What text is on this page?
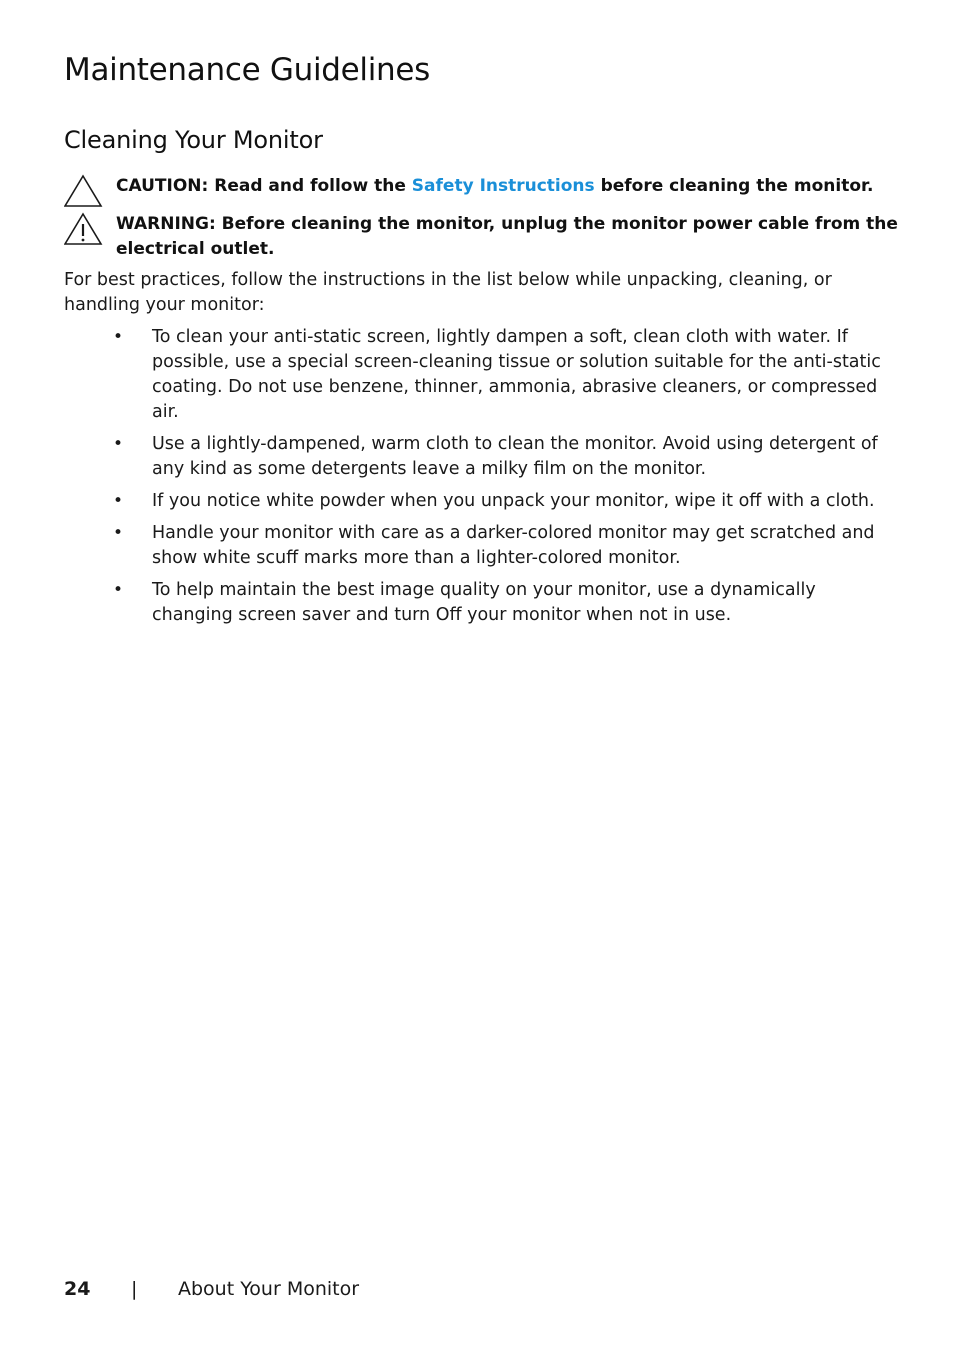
Maintenance Guidelines
Cleaning Your Monitor
CAUTION: Read and follow the Safety Instructions before cleaning the monitor.
WARNING: Before cleaning the monitor, unplug the monitor power cable from the electrical outlet.

For best practices, follow the instructions in the list below while unpacking, cleaning, or handling your monitor:

• To clean your anti-static screen, lightly dampen a soft, clean cloth with water. If possible, use a special screen-cleaning tissue or solution suitable for the anti-static coating. Do not use benzene, thinner, ammonia, abrasive cleaners, or compressed air.
• Use a lightly-dampened, warm cloth to clean the monitor. Avoid using detergent of any kind as some detergents leave a milky film on the monitor.
• If you notice white powder when you unpack your monitor, wipe it off with a cloth.
• Handle your monitor with care as a darker-colored monitor may get scratched and show white scuff marks more than a lighter-colored monitor.
• To help maintain the best image quality on your monitor, use a dynamically changing screen saver and turn Off your monitor when not in use.
24 | About Your Monitor
